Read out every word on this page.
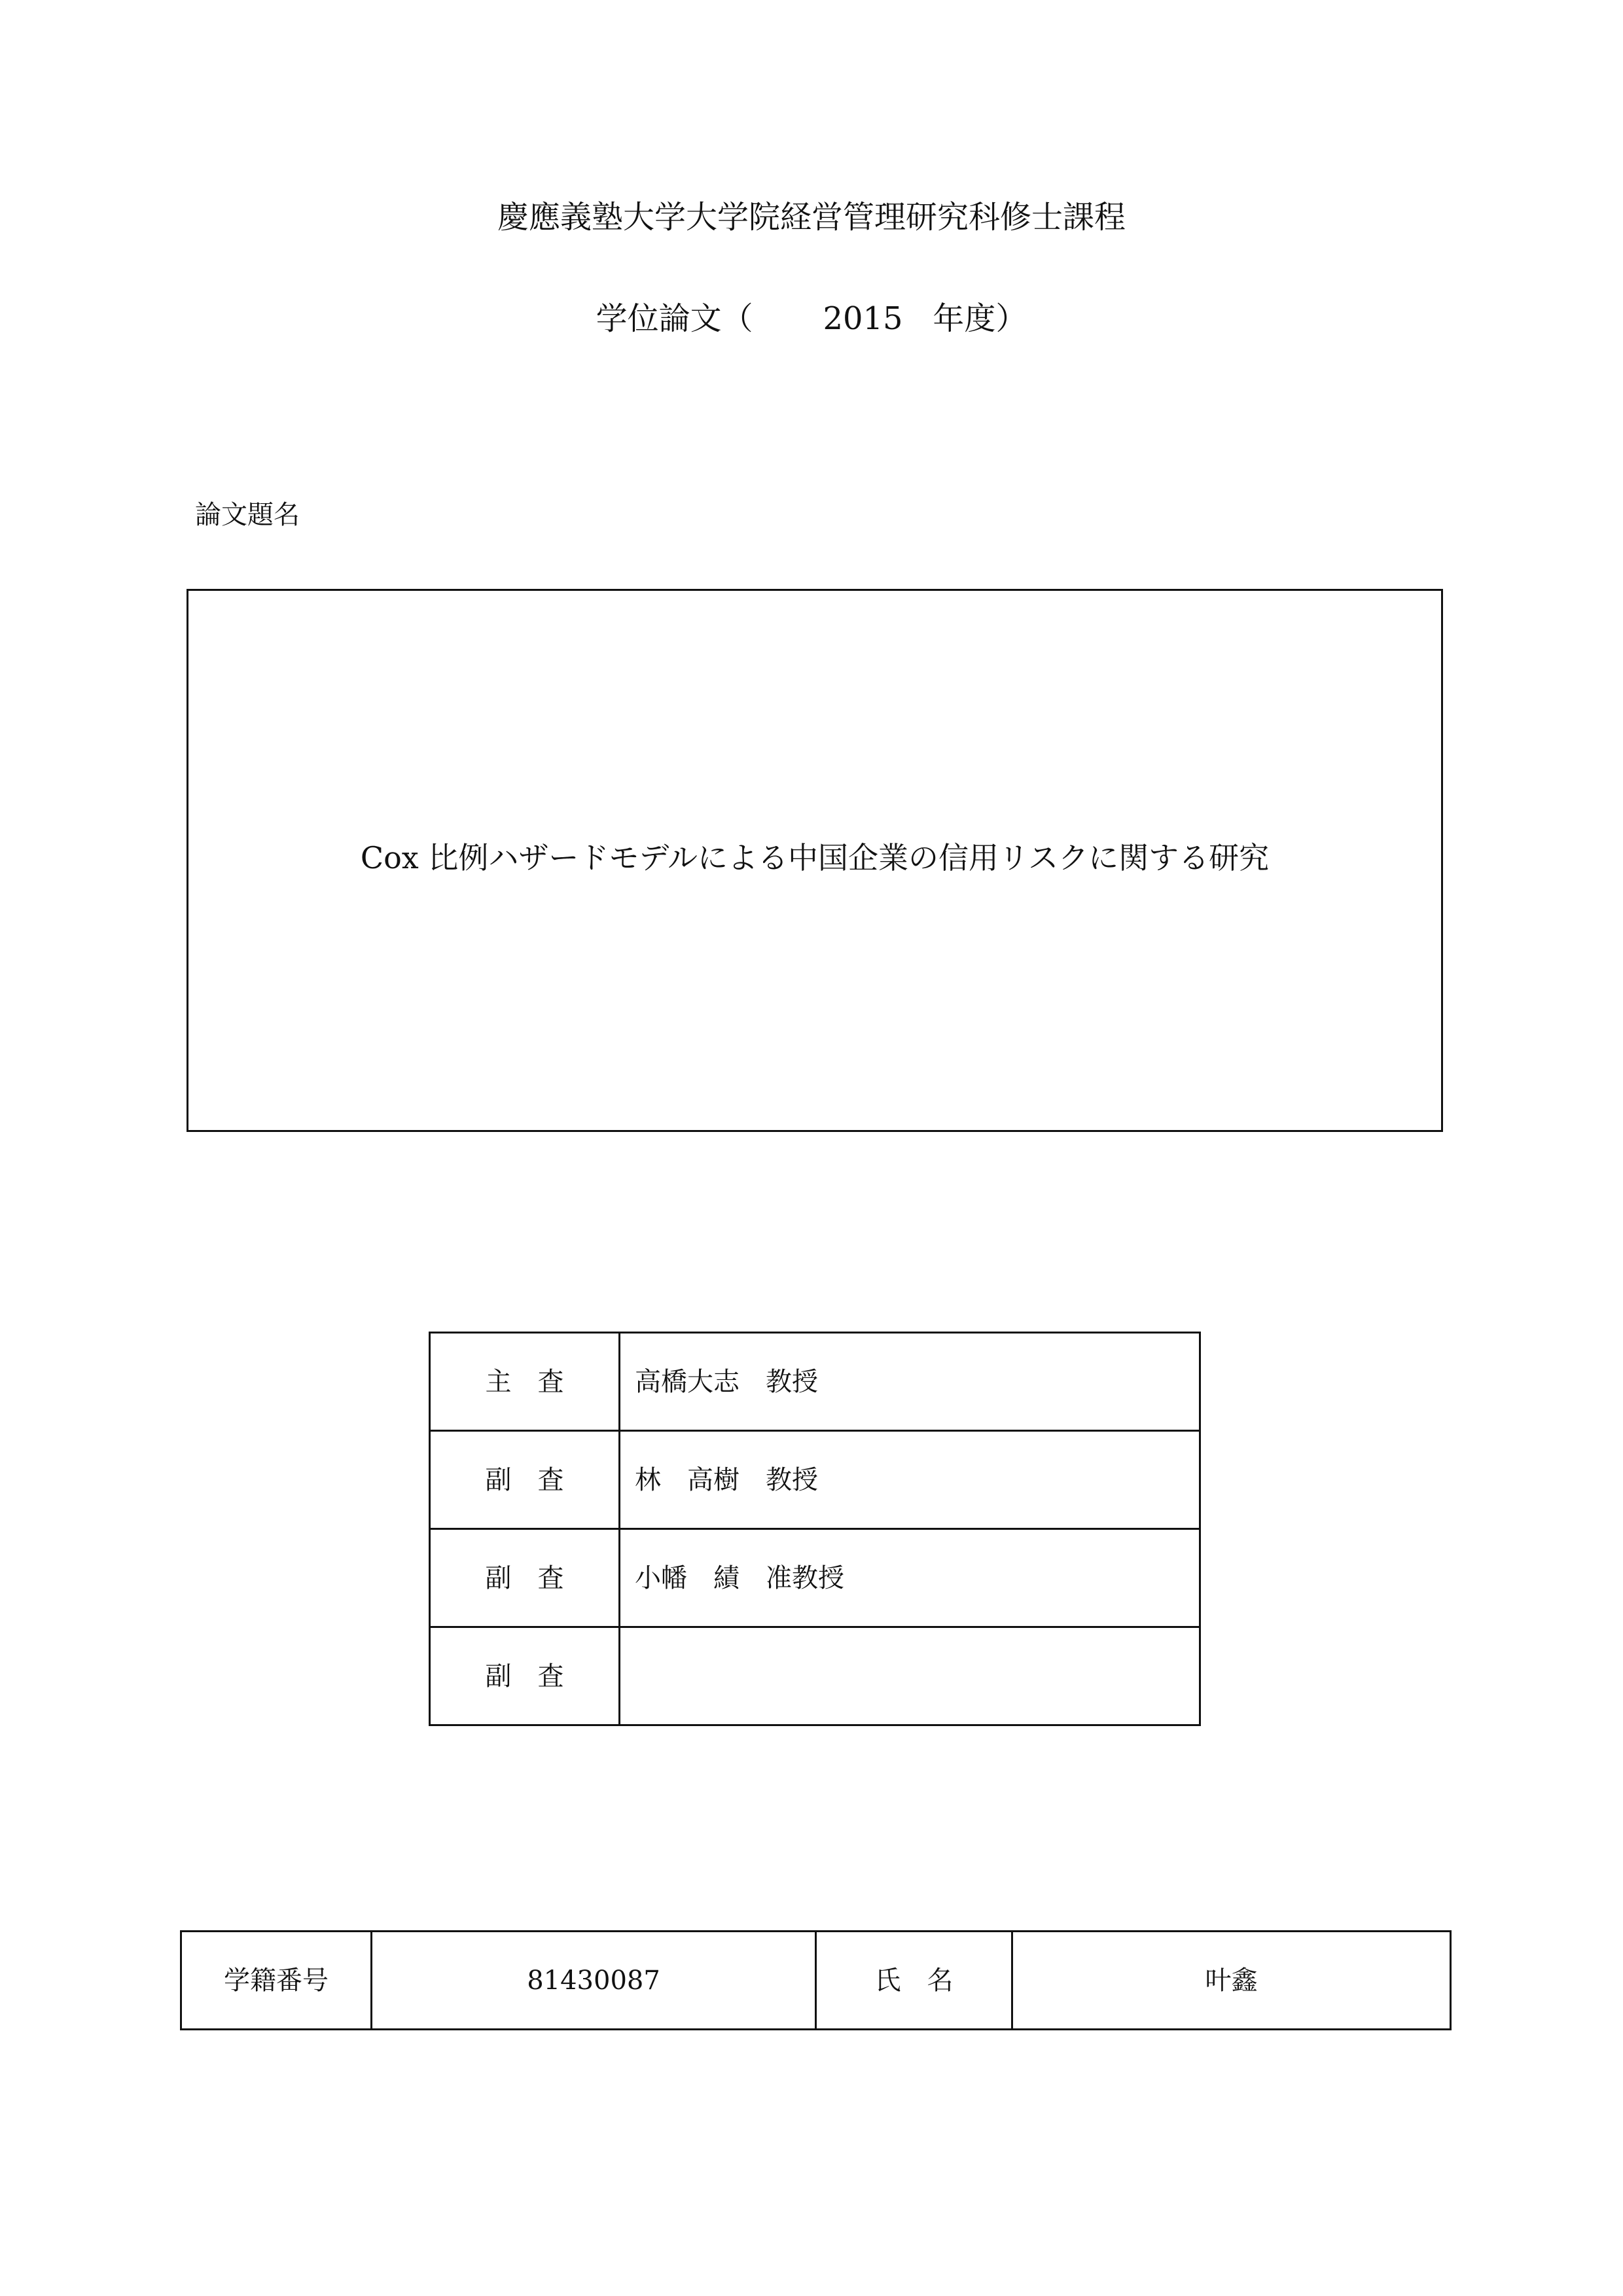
慶應義塾大学大学院経営管理研究科修士課程
学位論文（ 2015 年度）
論文題名
Cox 比例ハザードモデルによる中国企業の信用リスクに関する研究
主　査	高橋大志　教授
副　査	林　高樹　教授
副　査	小幡　績　准教授
副　査	
学籍番号	81430087	氏　名	叶鑫
